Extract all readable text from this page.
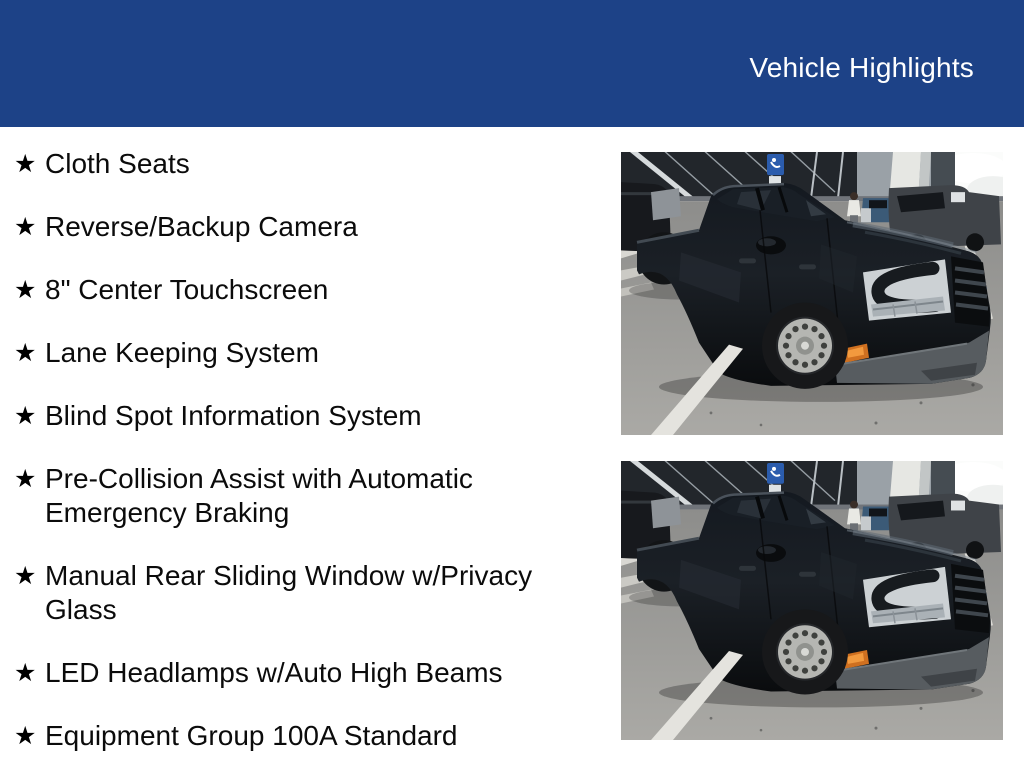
Vehicle Highlights
★ Cloth Seats
★ Reverse/Backup Camera
★ 8" Center Touchscreen
★ Lane Keeping System
★ Blind Spot Information System
★ Pre-Collision Assist with Automatic Emergency Braking
★ Manual Rear Sliding Window w/Privacy Glass
★ LED Headlamps w/Auto High Beams
★ Equipment Group 100A Standard
